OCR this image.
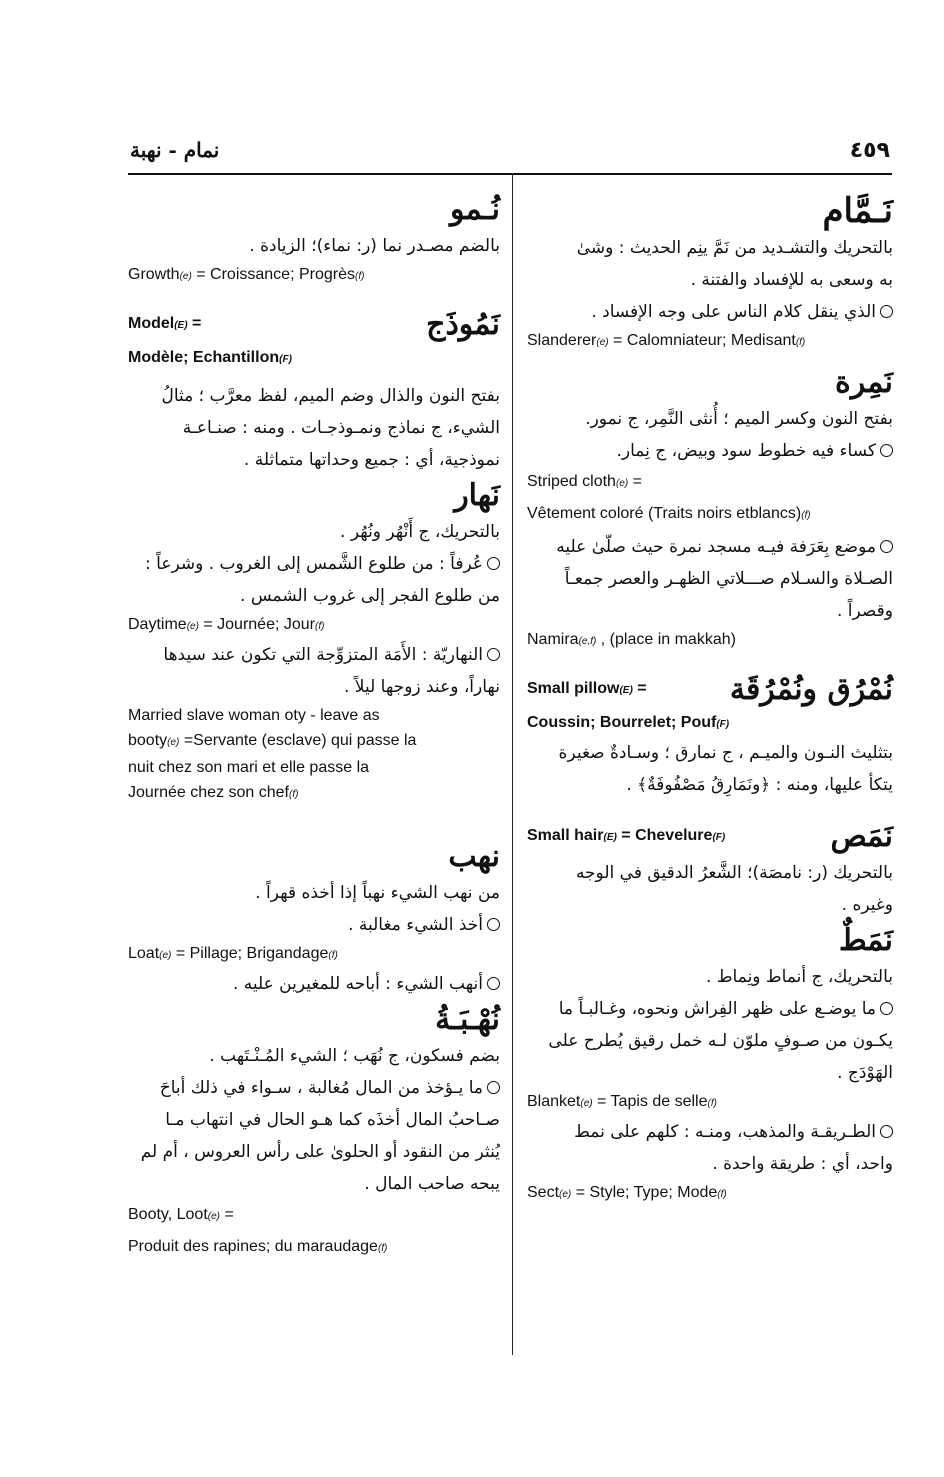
نمام - نهبة	٤٥٩
نَـمَّام
بالتحريك والتشـديد من نَمَّ ينِم الحديث : وشىٰ
به وسعى به للإفساد والفتنة .
الذي ينقل كلام الناس على وجه الإفساد .
Slanderer(e) = Calomniateur; Medisant(f)
نَمِرة
بفتح النون وكسر الميم ؛ أُنثى النَّمِر، ج نمور.
كساء فيه خطوط سود وبيض، ج نِمار.
Striped cloth(e) =
Vêtement coloré (Traits noirs etblancs)(f)
موضع بِعَرَفة فيـه مسجد نمرة حيث صلّىٰ عليه
الصـلاة والسـلام صـــلاتي الظهـر والعصر جمعـاً
وقصراً .
Namira(e,f) , (place in makkah)
Small pillow(E) =	نُمْرُق ونُمْرُقَة
Coussin; Bourrelet; Pouf(F)
بتثليث النـون والميـم ، ج نمارق ؛ وسـادةٌ صغيرة
يتكأ عليها، ومنه : ﴿ونَمَارِقُ مَصْفُوفَةٌ﴾ .
Small hair(E) = Chevelure(F)	نَمَص
بالتحريك (ر: نامصَة)؛ الشَّعرُ الدقيق في الوجه
وغيره .
نَمَطٌ
بالتحريك، ج أنماط ونِماط .
ما يوضـع على ظهر الفِراش ونحوه، وغـالبـاً ما
يكـون من صـوفٍ ملوّن لـه خمل رقيق يُطرح على
الهَوْدَج .
Blanket(e) = Tapis de selle(f)
الطـريقـة والمذهب، ومنـه : كلهم على نمط
واحد، أي : طريقة واحدة .
Sect(e) = Style; Type; Mode(f)
نُـمو
بالضم مصـدر نما (ر: نماء)؛ الزيادة .
Growth(e) = Croissance; Progrès(f)
Model(E) =	نَمُوذَج
Modèle; Echantillon(F)
بفتح النون والذال وضم الميم، لفظ معرَّب ؛ مثالُ
الشيء، ج نماذج ونمـوذجـات . ومنه : صنـاعـة
نموذجية، أي : جميع وحداتها متماثلة .
نَهار
بالتحريك، ج أَنْهُر ونُهُر .
عُرفاً : من طلوع الشَّمس إلى الغروب . وشرعاً :
من طلوع الفجر إلى غروب الشمس .
Daytime(e) = Journée; Jour(f)
النهاريّة : الأَمَة المتزوِّجة التي تكون عند سيدها
نهاراً، وعند زوجها ليلاً .
Married slave woman oty - leave as
booty(e) =Servante (esclave) qui passe la
nuit chez son mari et elle passe la
Journée chez son chef(f)
نهب
من نهب الشيء نهباً إذا أخذه قهراً .
أخذ الشيء مغالبة .
Loat(e) = Pillage; Brigandage(f)
أنهب الشيء : أباحه للمغيرين عليه .
نُهْـبَـةُ
بضم فسكون، ج نُهَب ؛ الشيء المُـنْـتَهب .
ما يـؤخذ من المال مُغالبة ، سـواء في ذلك أباحَ
صـاحبُ المال أخذَه كما هـو الحال في انتهاب مـا
يُنثر من النقود أو الحلوىٰ على رأس العروس ، أم لم
يبحه صاحب المال .
Booty, Loot(e) =
Produit des rapines; du maraudage(f)
